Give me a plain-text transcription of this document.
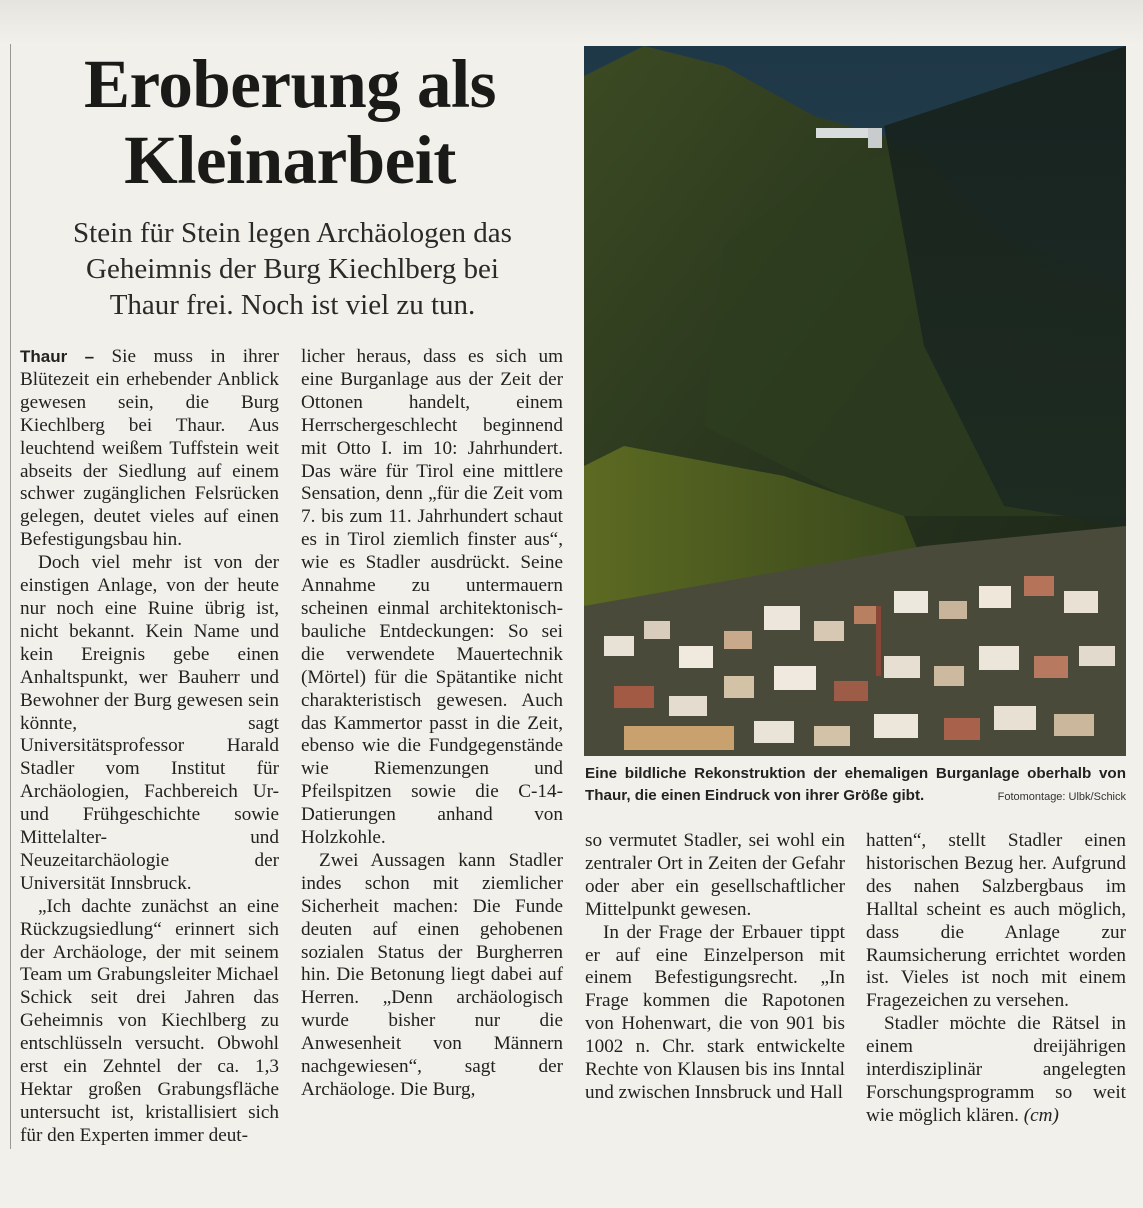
Eroberung als
Kleinarbeit

Stein für Stein legen Archäologen das
Geheimnis der Burg Kiechlberg bei
Thaur frei. Noch ist viel zu tun.

Thaur – Sie muss in ihrer Blütezeit ein erhebender Anblick gewesen sein, die Burg Kiechlberg bei Thaur. Aus leuchtend weißem Tuffstein weit abseits der Siedlung auf einem schwer zugänglichen Felsrücken gelegen, deutet vieles auf einen Befestigungsbau hin.

Doch viel mehr ist von der einstigen Anlage, von der heute nur noch eine Ruine übrig ist, nicht bekannt. Kein Name und kein Ereignis gebe einen Anhaltspunkt, wer Bauherr und Bewohner der Burg gewesen sein könnte, sagt Universitätsprofessor Harald Stadler vom Institut für Archäologien, Fachbereich Ur- und Frühgeschichte sowie Mittelalter- und Neuzeitarchäologie der Universität Innsbruck.

„Ich dachte zunächst an eine Rückzugsiedlung“ erinnert sich der Archäologe, der mit seinem Team um Grabungsleiter Michael Schick seit drei Jahren das Geheimnis von Kiechlberg zu entschlüsseln versucht. Obwohl erst ein Zehntel der ca. 1,3 Hektar großen Grabungsfläche untersucht ist, kristallisiert sich für den Experten immer deut-

licher heraus, dass es sich um eine Burganlage aus der Zeit der Ottonen handelt, einem Herrschergeschlecht beginnend mit Otto I. im 10: Jahrhundert. Das wäre für Tirol eine mittlere Sensation, denn „für die Zeit vom 7. bis zum 11. Jahrhundert schaut es in Tirol ziemlich finster aus“, wie es Stadler ausdrückt. Seine Annahme zu untermauern scheinen einmal architektonisch-bauliche Entdeckungen: So sei die verwendete Mauertechnik (Mörtel) für die Spätantike nicht charakteristisch gewesen. Auch das Kammertor passt in die Zeit, ebenso wie die Fundgegenstände wie Riemenzungen und Pfeilspitzen sowie die C-14-Datierungen anhand von Holzkohle.

Zwei Aussagen kann Stadler indes schon mit ziemlicher Sicherheit machen: Die Funde deuten auf einen gehobenen sozialen Status der Burgherren hin. Die Betonung liegt dabei auf Herren. „Denn archäologisch wurde bisher nur die Anwesenheit von Männern nachgewiesen“, sagt der Archäologe. Die Burg,

Eine bildliche Rekonstruktion der ehemaligen Burganlage oberhalb von Thaur, die einen Eindruck von ihrer Größe gibt.	Fotomontage: Ulbk/Schick

so vermutet Stadler, sei wohl ein zentraler Ort in Zeiten der Gefahr oder aber ein gesellschaftlicher Mittelpunkt gewesen.

In der Frage der Erbauer tippt er auf eine Einzelperson mit einem Befestigungsrecht. „In Frage kommen die Rapotonen von Hohenwart, die von 901 bis 1002 n. Chr. stark entwickelte Rechte von Klausen bis ins Inntal und zwischen Innsbruck und Hall

hatten“, stellt Stadler einen historischen Bezug her. Aufgrund des nahen Salzbergbaus im Halltal scheint es auch möglich, dass die Anlage zur Raumsicherung errichtet worden ist. Vieles ist noch mit einem Fragezeichen zu versehen.

Stadler möchte die Rätsel in einem dreijährigen interdisziplinär angelegten Forschungsprogramm so weit wie möglich klären. (cm)
